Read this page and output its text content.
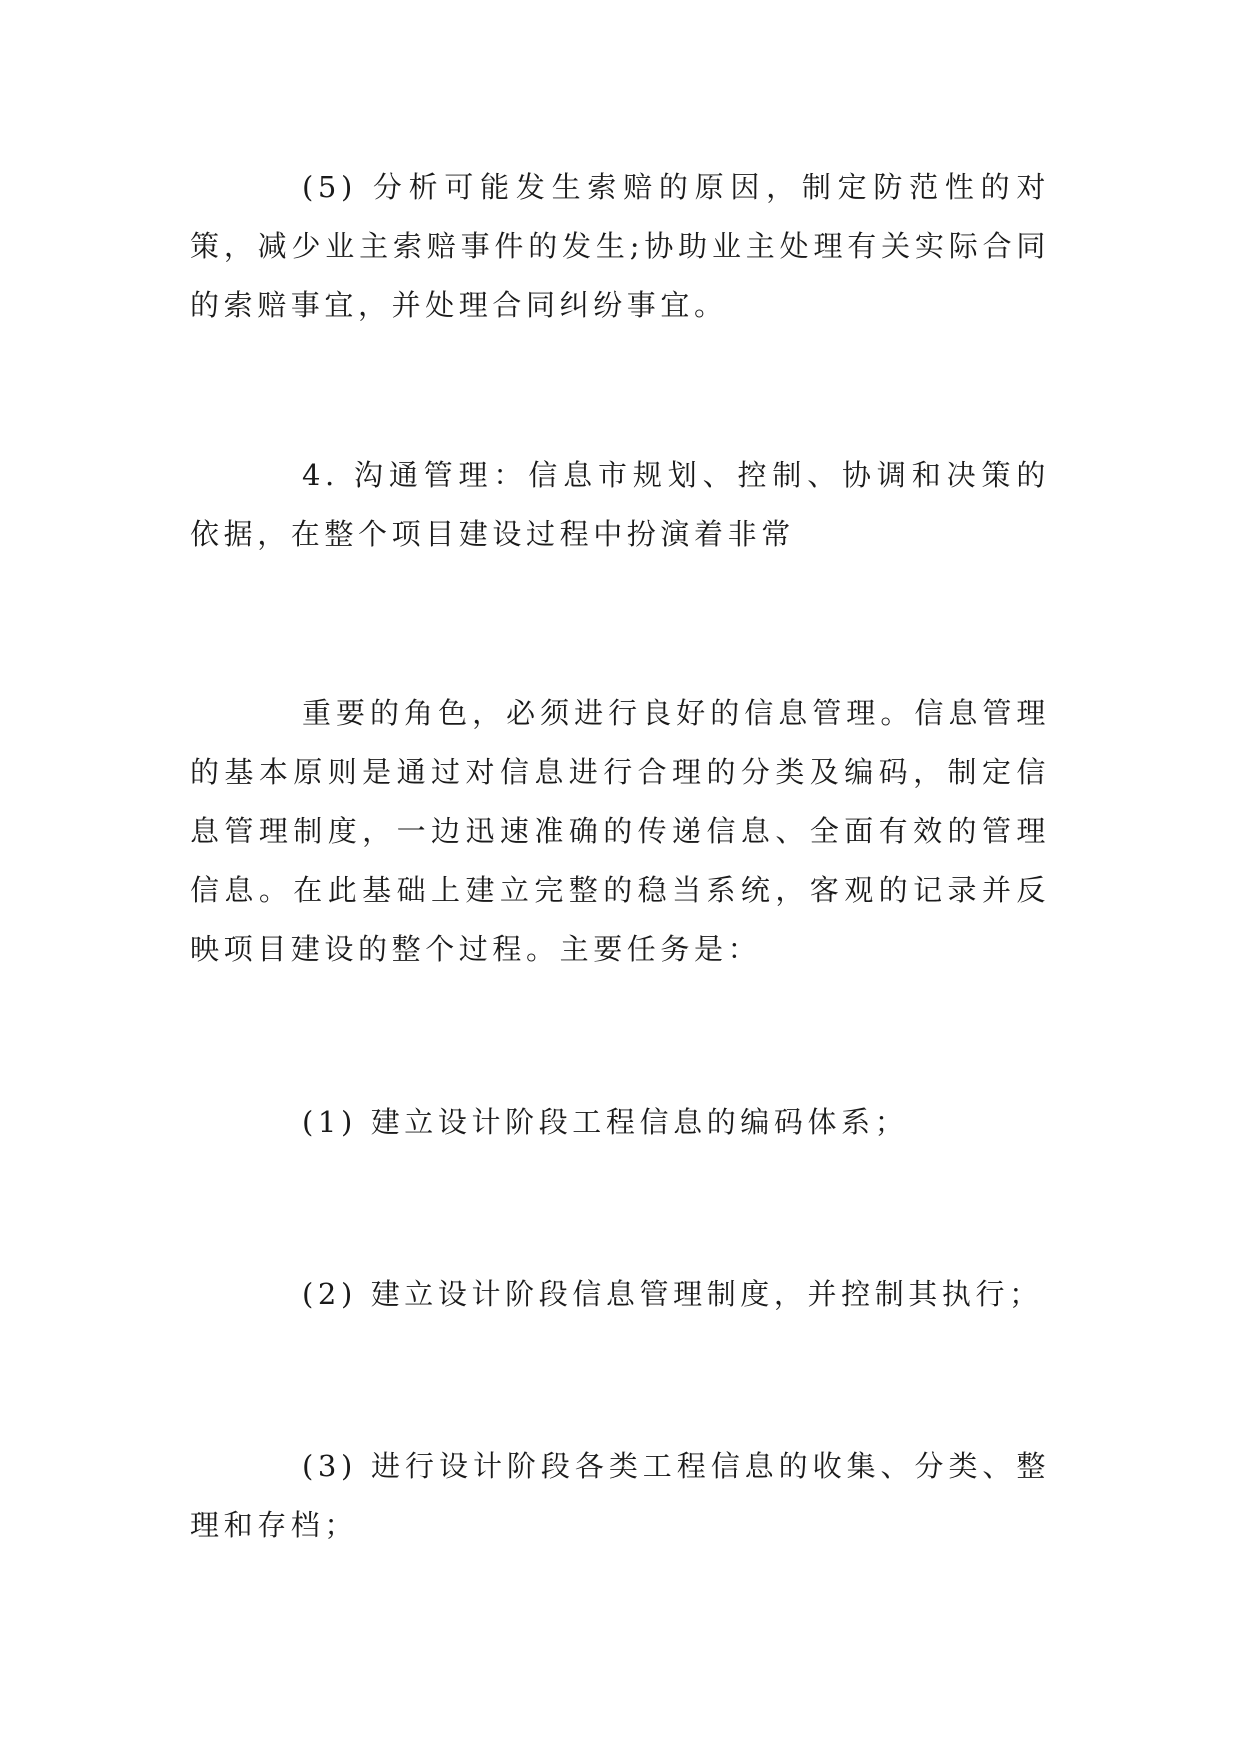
(5) 分析可能发生索赔的原因，制定防范性的对策，减少业主索赔事件的发生;协助业主处理有关实际合同的索赔事宜，并处理合同纠纷事宜。

4. 沟通管理：信息市规划、控制、协调和决策的依据，在整个项目建设过程中扮演着非常

重要的角色，必须进行良好的信息管理。信息管理的基本原则是通过对信息进行合理的分类及编码，制定信息管理制度，一边迅速准确的传递信息、全面有效的管理信息。在此基础上建立完整的稳当系统，客观的记录并反映项目建设的整个过程。主要任务是：

(1) 建立设计阶段工程信息的编码体系；

(2) 建立设计阶段信息管理制度，并控制其执行；

(3) 进行设计阶段各类工程信息的收集、分类、整理和存档；
